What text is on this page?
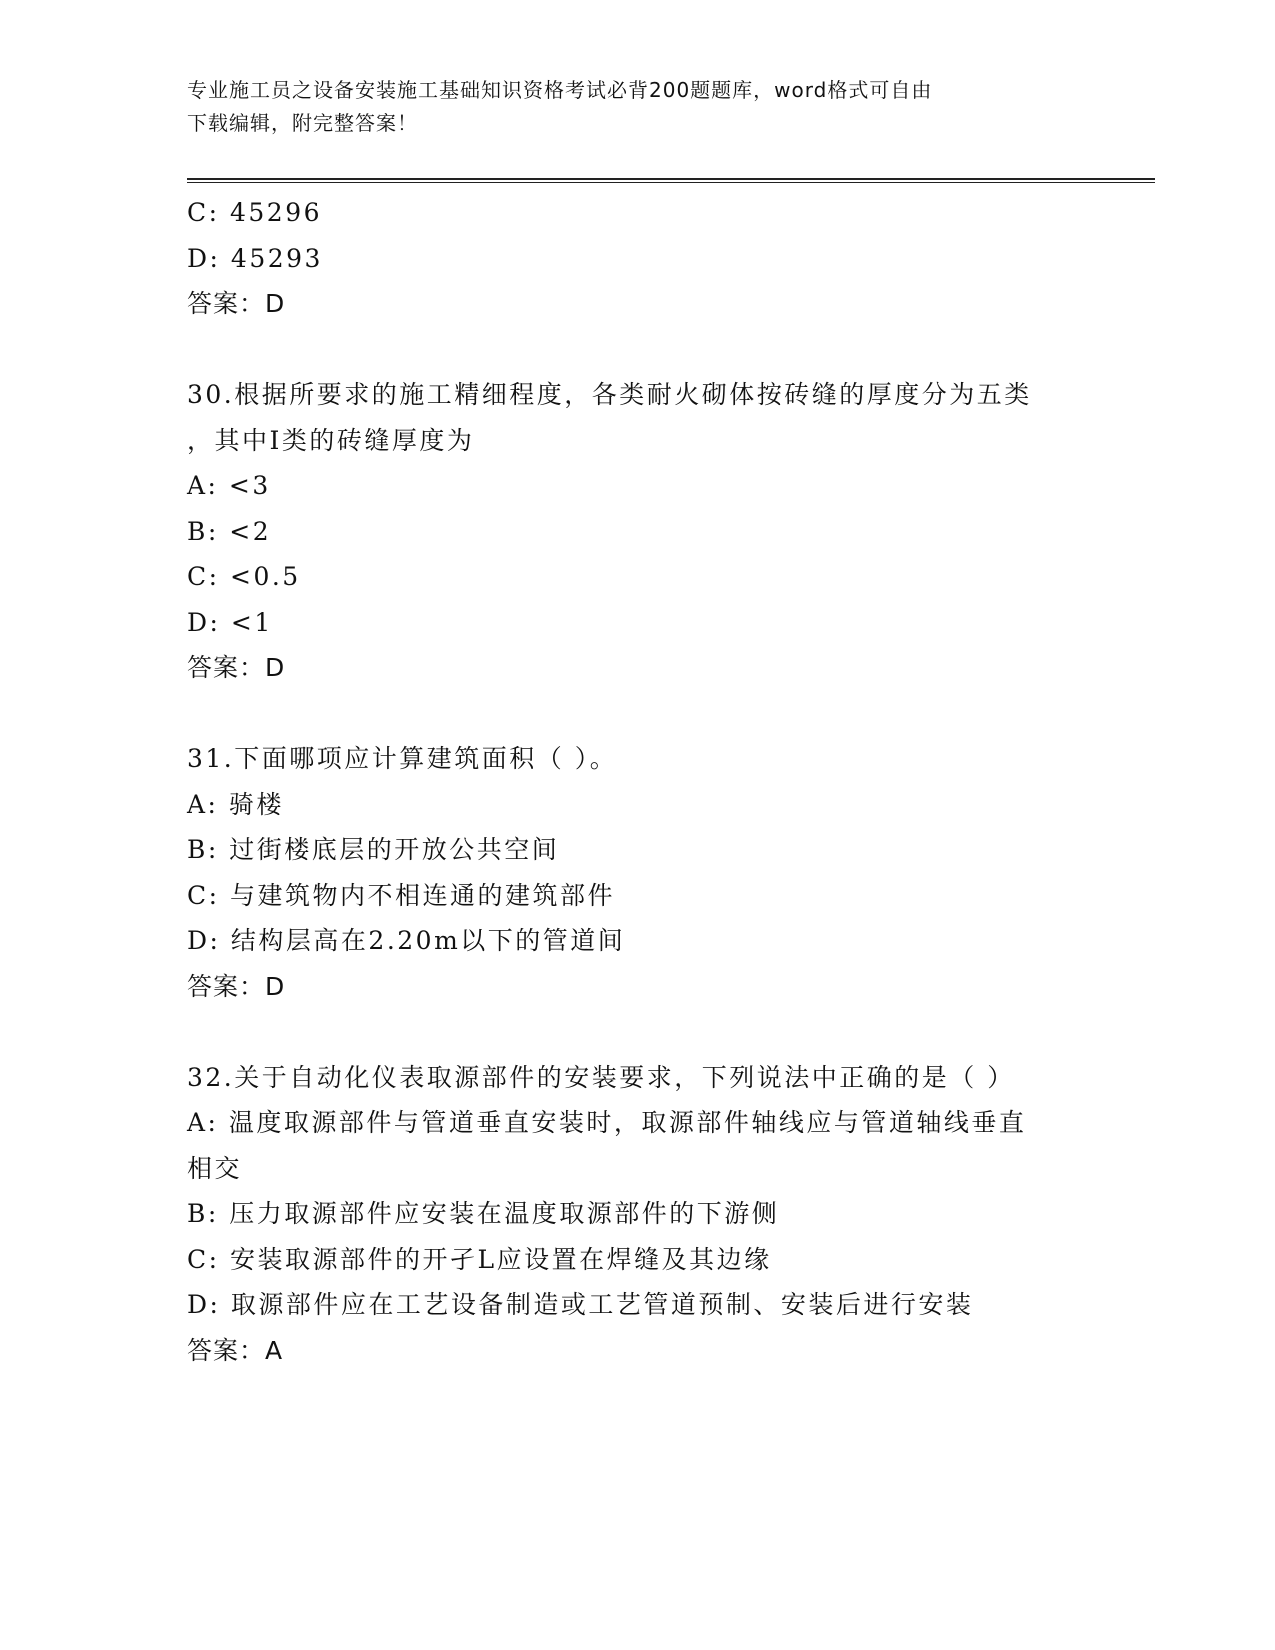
专业施工员之设备安装施工基础知识资格考试必背200题题库，word格式可自由
下载编辑，附完整答案！
C: 45296
D: 45293
答案：D
30.根据所要求的施工精细程度，各类耐火砌体按砖缝的厚度分为五类
，其中Ⅰ类的砖缝厚度为
A: <3
B: <2
C: <0.5
D: <1
答案：D
31.下面哪项应计算建筑面积（ ）。
A: 骑楼
B: 过街楼底层的开放公共空间
C: 与建筑物内不相连通的建筑部件
D: 结构层高在2.20m以下的管道间
答案：D
32.关于自动化仪表取源部件的安装要求，下列说法中正确的是（ ）
A: 温度取源部件与管道垂直安装时，取源部件轴线应与管道轴线垂直
相交
B: 压力取源部件应安装在温度取源部件的下游侧
C: 安装取源部件的开孑L应设置在焊缝及其边缘
D: 取源部件应在工艺设备制造或工艺管道预制、安装后进行安装
答案：A
